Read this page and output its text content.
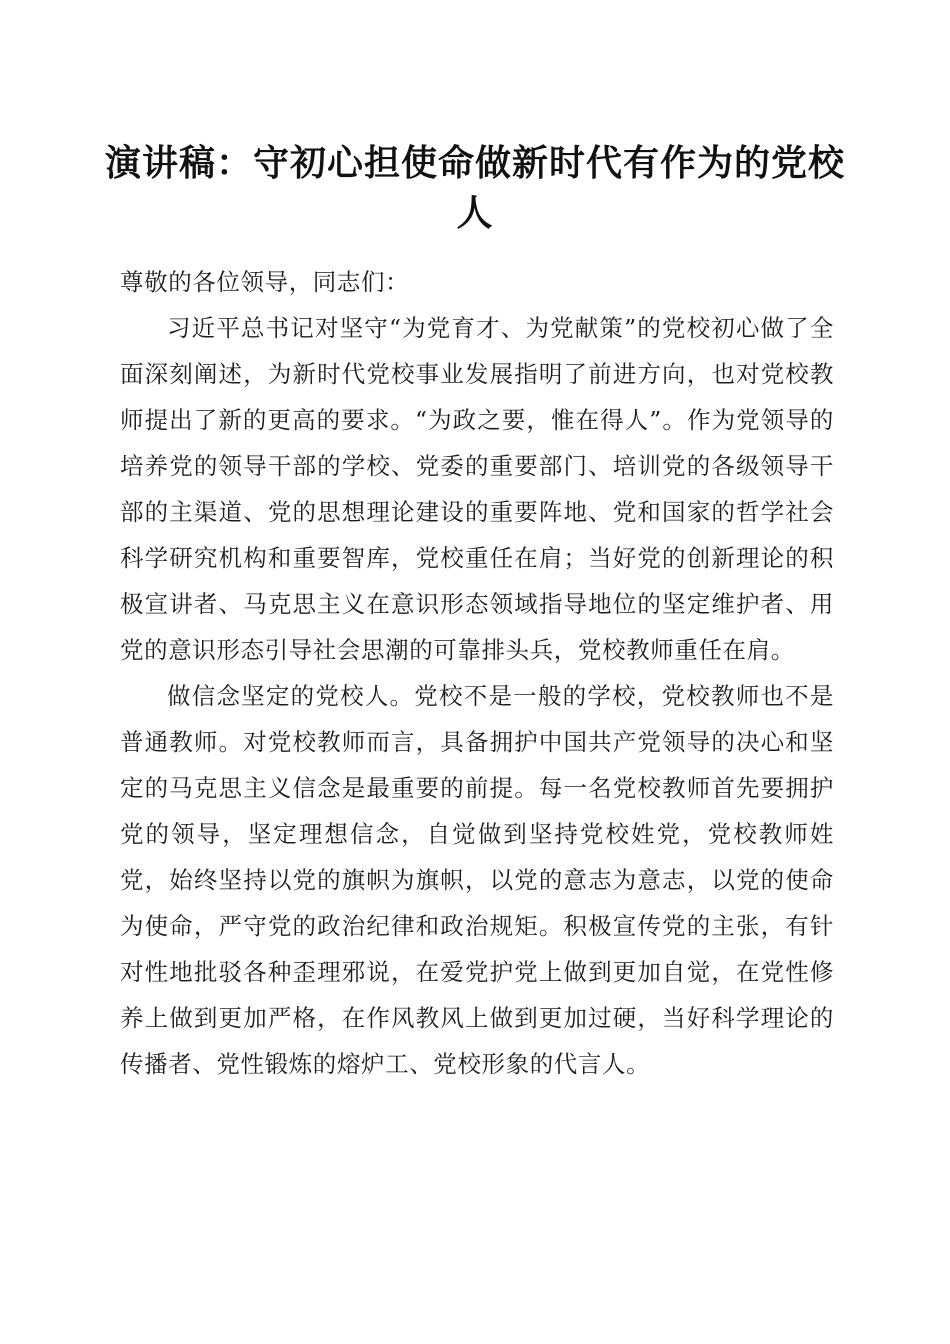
演讲稿：守初心担使命做新时代有作为的党校人

尊敬的各位领导，同志们：

习近平总书记对坚守“为党育才、为党献策”的党校初心做了全面深刻阐述，为新时代党校事业发展指明了前进方向，也对党校教师提出了新的更高的要求。“为政之要，惟在得人”。作为党领导的培养党的领导干部的学校、党委的重要部门、培训党的各级领导干部的主渠道、党的思想理论建设的重要阵地、党和国家的哲学社会科学研究机构和重要智库，党校重任在肩；当好党的创新理论的积极宣讲者、马克思主义在意识形态领域指导地位的坚定维护者、用党的意识形态引导社会思潮的可靠排头兵，党校教师重任在肩。

做信念坚定的党校人。党校不是一般的学校，党校教师也不是普通教师。对党校教师而言，具备拥护中国共产党领导的决心和坚定的马克思主义信念是最重要的前提。每一名党校教师首先要拥护党的领导，坚定理想信念，自觉做到坚持党校姓党，党校教师姓党，始终坚持以党的旗帜为旗帜，以党的意志为意志，以党的使命为使命，严守党的政治纪律和政治规矩。积极宣传党的主张，有针对性地批驳各种歪理邪说，在爱党护党上做到更加自觉，在党性修养上做到更加严格，在作风教风上做到更加过硬，当好科学理论的传播者、党性锻炼的熔炉工、党校形象的代言人。
